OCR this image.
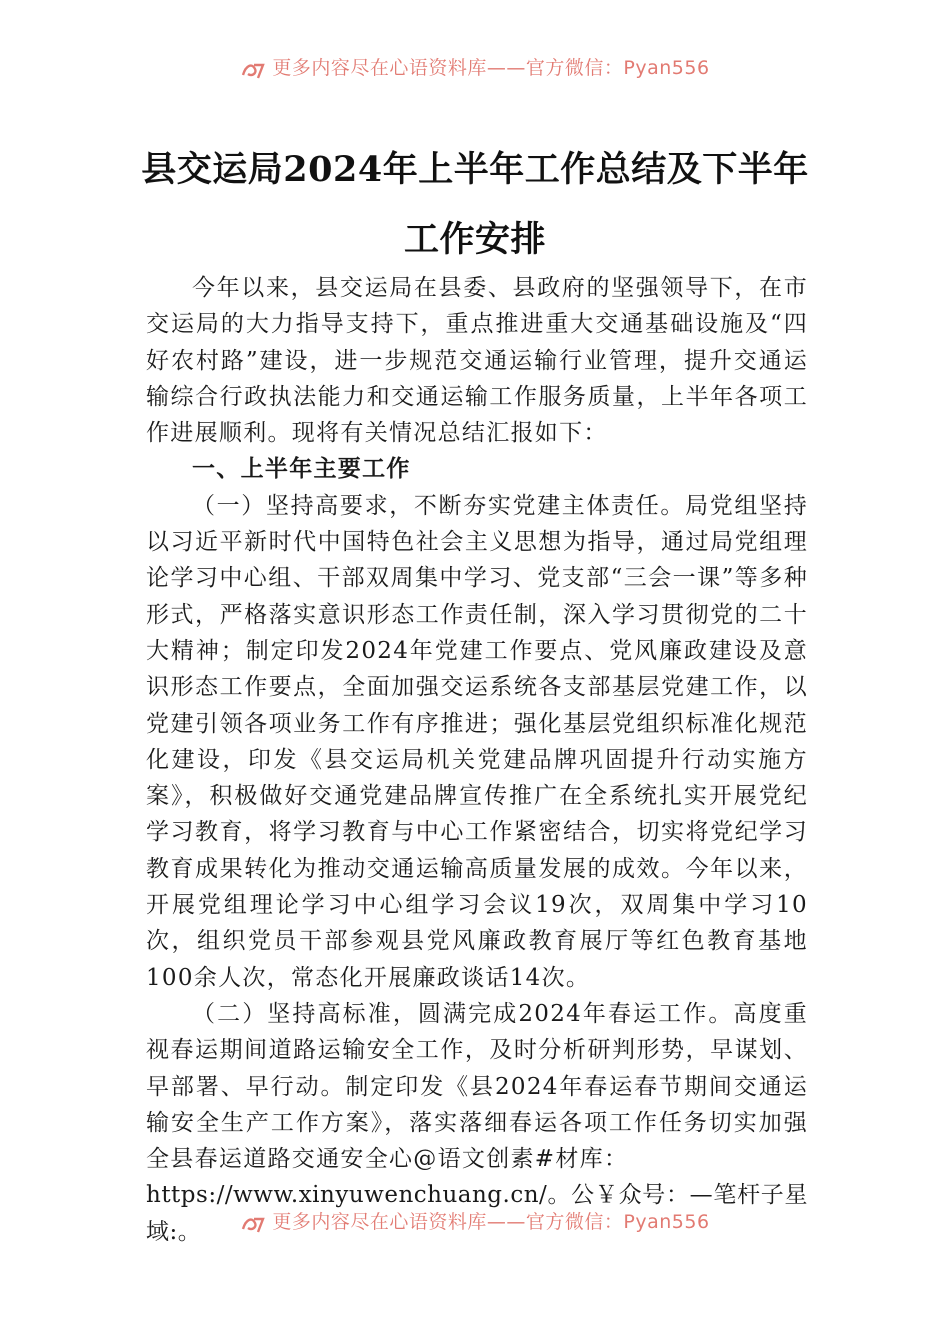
更多内容尽在心语资料库——官方微信：Pyan556
县交运局2024年上半年工作总结及下半年
工作安排

今年以来，县交运局在县委、县政府的坚强领导下，在市交运局的大力指导支持下，重点推进重大交通基础设施及“四好农村路”建设，进一步规范交通运输行业管理，提升交通运输综合行政执法能力和交通运输工作服务质量，上半年各项工作进展顺利。现将有关情况总结汇报如下：

一、上半年主要工作

（一）坚持高要求，不断夯实党建主体责任。局党组坚持以习近平新时代中国特色社会主义思想为指导，通过局党组理论学习中心组、干部双周集中学习、党支部“三会一课”等多种形式，严格落实意识形态工作责任制，深入学习贯彻党的二十大精神；制定印发2024年党建工作要点、党风廉政建设及意识形态工作要点，全面加强交运系统各支部基层党建工作，以党建引领各项业务工作有序推进；强化基层党组织标准化规范化建设，印发《县交运局机关党建品牌巩固提升行动实施方案》，积极做好交通党建品牌宣传推广在全系统扎实开展党纪学习教育，将学习教育与中心工作紧密结合，切实将党纪学习教育成果转化为推动交通运输高质量发展的成效。今年以来，开展党组理论学习中心组学习会议19次，双周集中学习10次，组织党员干部参观县党风廉政教育展厅等红色教育基地100余人次，常态化开展廉政谈话14次。

（二）坚持高标准，圆满完成2024年春运工作。高度重视春运期间道路运输安全工作，及时分析研判形势，早谋划、早部署、早行动。制定印发《县2024年春运春节期间交通运输安全生产工作方案》，落实落细春运各项工作任务切实加强全县春运道路交通安全心@语文创素#材库：

https://www.xinyuwenchuang.cn/。公￥众号：—笔杆子星域:。	更多内容尽在心语资料库——官方微信：Pyan556
